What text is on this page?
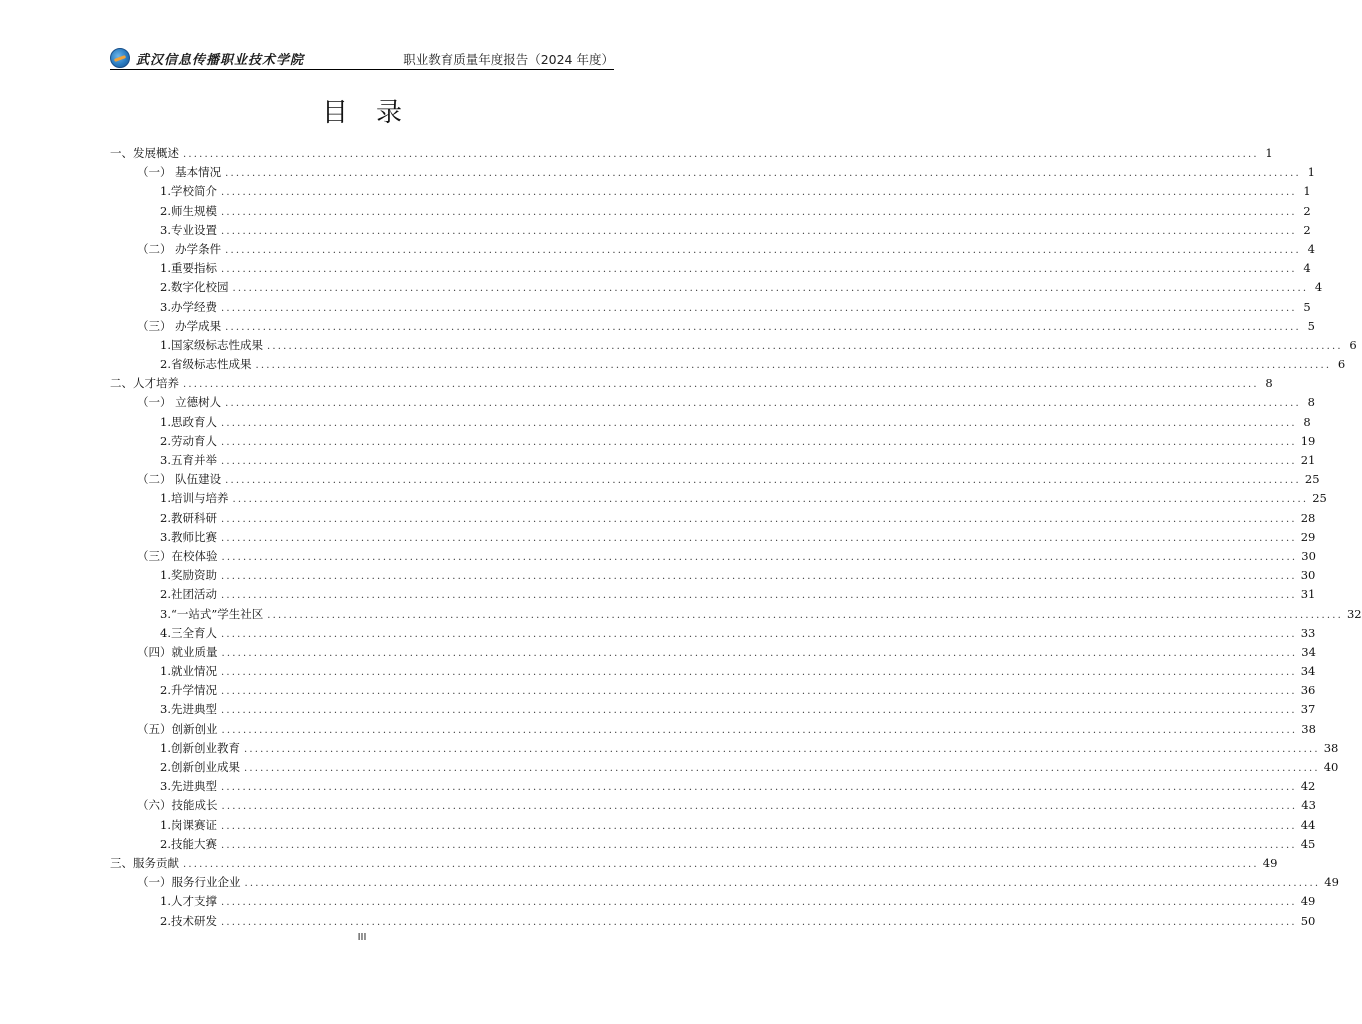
武汉信息传播职业技术学院	职业教育质量年度报告（2024 年度）
目录
一、发展概述 ........................................................................................................................................................................................................ 1
（一） 基本情况 ........................................................................................................................................................................................................ 1
1.学校简介 ........................................................................................................................................................................................................ 1
2.师生规模 ........................................................................................................................................................................................................ 2
3.专业设置 ........................................................................................................................................................................................................ 2
（二） 办学条件 ........................................................................................................................................................................................................ 4
1.重要指标 ........................................................................................................................................................................................................ 4
2.数字化校园 ........................................................................................................................................................................................................ 4
3.办学经费 ........................................................................................................................................................................................................ 5
（三） 办学成果 ........................................................................................................................................................................................................ 5
1.国家级标志性成果 ........................................................................................................................................................................................................ 6
2.省级标志性成果 ........................................................................................................................................................................................................ 6
二、人才培养 ........................................................................................................................................................................................................ 8
（一） 立德树人 ........................................................................................................................................................................................................ 8
1.思政育人 ........................................................................................................................................................................................................ 8
2.劳动育人 ........................................................................................................................................................................................................ 19
3.五育并举 ........................................................................................................................................................................................................ 21
（二） 队伍建设 ........................................................................................................................................................................................................ 25
1.培训与培养 ........................................................................................................................................................................................................ 25
2.教研科研 ........................................................................................................................................................................................................ 28
3.教师比赛 ........................................................................................................................................................................................................ 29
（三）在校体验 ........................................................................................................................................................................................................ 30
1.奖励资助 ........................................................................................................................................................................................................ 30
2.社团活动 ........................................................................................................................................................................................................ 31
3.“一站式”学生社区 ........................................................................................................................................................................................................ 32
4.三全育人 ........................................................................................................................................................................................................ 33
（四）就业质量 ........................................................................................................................................................................................................ 34
1.就业情况 ........................................................................................................................................................................................................ 34
2.升学情况 ........................................................................................................................................................................................................ 36
3.先进典型 ........................................................................................................................................................................................................ 37
（五）创新创业 ........................................................................................................................................................................................................ 38
1.创新创业教育 ........................................................................................................................................................................................................ 38
2.创新创业成果 ........................................................................................................................................................................................................ 40
3.先进典型 ........................................................................................................................................................................................................ 42
（六）技能成长 ........................................................................................................................................................................................................ 43
1.岗课赛证 ........................................................................................................................................................................................................ 44
2.技能大赛 ........................................................................................................................................................................................................ 45
三、服务贡献 ........................................................................................................................................................................................................ 49
（一）服务行业企业 ........................................................................................................................................................................................................ 49
1.人才支撑 ........................................................................................................................................................................................................ 49
2.技术研发 ........................................................................................................................................................................................................ 50
III
